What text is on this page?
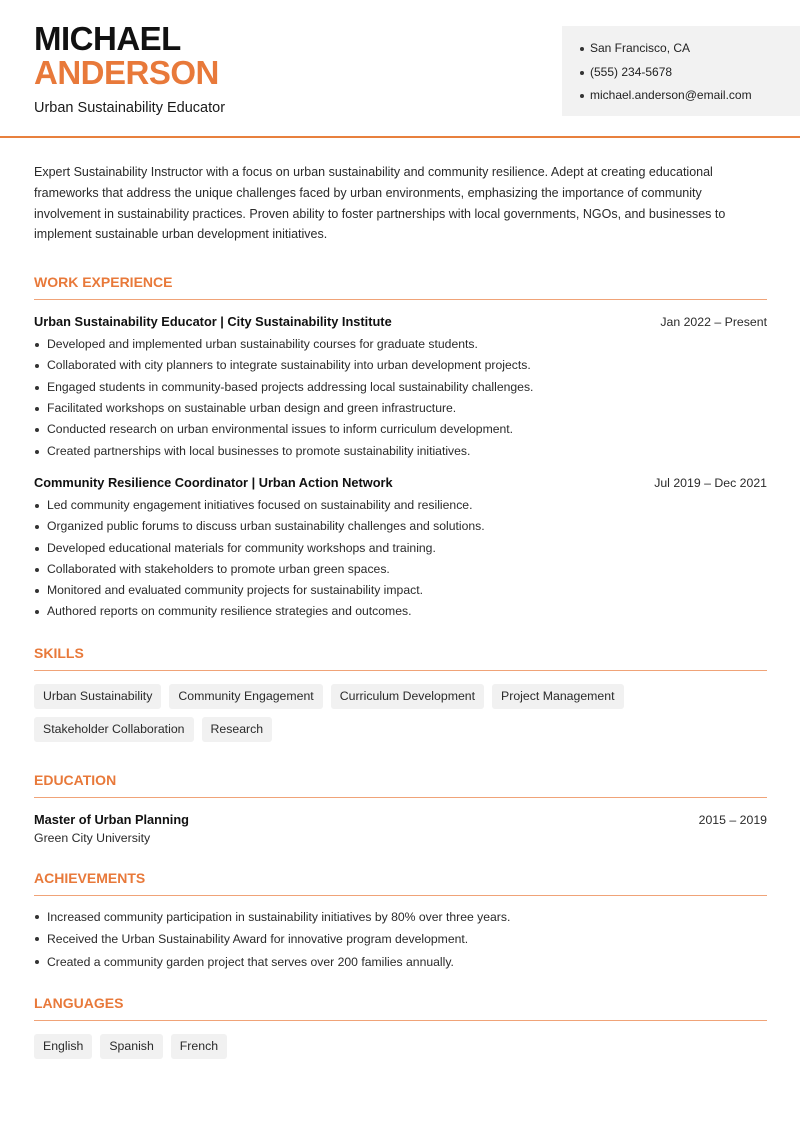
MICHAEL
ANDERSON
Urban Sustainability Educator
San Francisco, CA
(555) 234-5678
michael.anderson@email.com

Expert Sustainability Instructor with a focus on urban sustainability and community resilience. Adept at creating educational frameworks that address the unique challenges faced by urban environments, emphasizing the importance of community involvement in sustainability practices. Proven ability to foster partnerships with local governments, NGOs, and businesses to implement sustainable urban development initiatives.

WORK EXPERIENCE
Urban Sustainability Educator | City Sustainability Institute	Jan 2022 – Present
Developed and implemented urban sustainability courses for graduate students.
Collaborated with city planners to integrate sustainability into urban development projects.
Engaged students in community-based projects addressing local sustainability challenges.
Facilitated workshops on sustainable urban design and green infrastructure.
Conducted research on urban environmental issues to inform curriculum development.
Created partnerships with local businesses to promote sustainability initiatives.
Community Resilience Coordinator | Urban Action Network	Jul 2019 – Dec 2021
Led community engagement initiatives focused on sustainability and resilience.
Organized public forums to discuss urban sustainability challenges and solutions.
Developed educational materials for community workshops and training.
Collaborated with stakeholders to promote urban green spaces.
Monitored and evaluated community projects for sustainability impact.
Authored reports on community resilience strategies and outcomes.
SKILLS
Urban Sustainability	Community Engagement	Curriculum Development	Project Management
Stakeholder Collaboration	Research
EDUCATION
Master of Urban Planning	2015 – 2019
Green City University
ACHIEVEMENTS
Increased community participation in sustainability initiatives by 80% over three years.
Received the Urban Sustainability Award for innovative program development.
Created a community garden project that serves over 200 families annually.
LANGUAGES
English	Spanish	French
